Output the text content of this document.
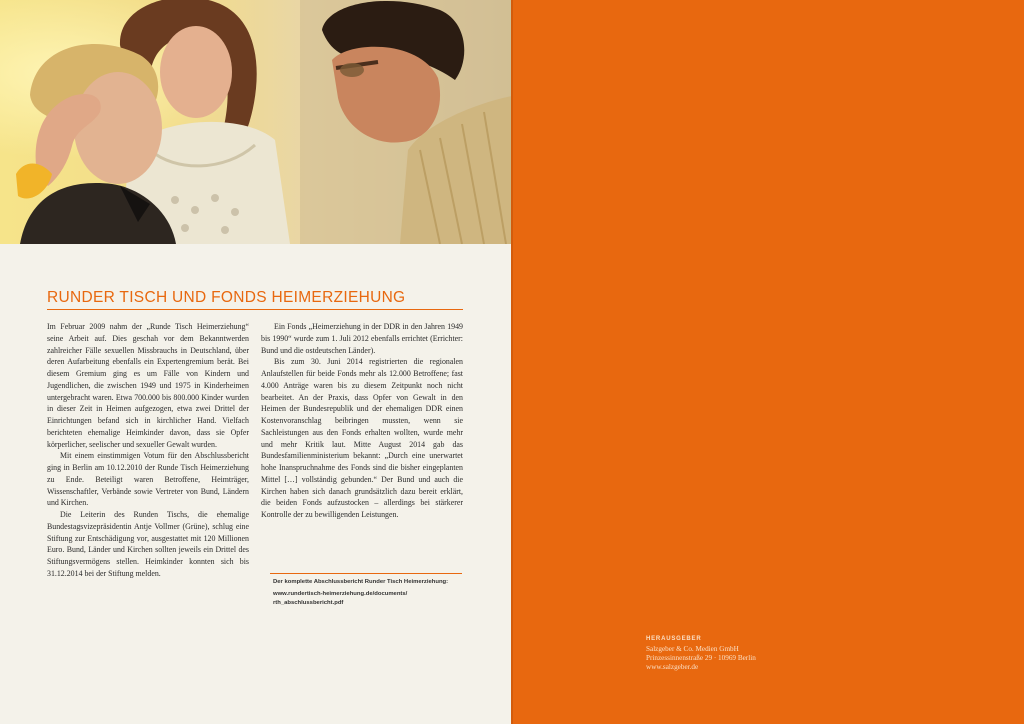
RUNDER TISCH UND FONDS HEIMERZIEHUNG

Im Februar 2009 nahm der „Runde Tisch Heimerziehung“ seine Arbeit auf. Dies geschah vor dem Bekanntwerden zahlreicher Fälle sexuellen Missbrauchs in Deutschland, über deren Aufarbeitung ebenfalls ein Expertengremium berät. Bei diesem Gremium ging es um Fälle von Kindern und Jugendlichen, die zwischen 1949 und 1975 in Kinderheimen untergebracht waren. Etwa 700.000 bis 800.000 Kinder wurden in dieser Zeit in Heimen aufgezogen, etwa zwei Drittel der Einrichtungen befand sich in kirchlicher Hand. Vielfach berichteten ehemalige Heimkinder davon, dass sie Opfer körperlicher, seelischer und sexueller Gewalt wurden.

Mit einem einstimmigen Votum für den Abschlussbericht ging in Berlin am 10.12.2010 der Runde Tisch Heimerziehung zu Ende. Beteiligt waren Betroffene, Heimträger, Wissenschaftler, Verbände sowie Vertreter von Bund, Ländern und Kirchen.

Die Leiterin des Runden Tischs, die ehemalige Bundestagsvizepräsidentin Antje Vollmer (Grüne), schlug eine Stiftung zur Entschädigung vor, ausgestattet mit 120 Millionen Euro. Bund, Länder und Kirchen sollten jeweils ein Drittel des Stiftungsvermögens stellen. Heimkinder konnten sich bis 31.12.2014 bei der Stiftung melden.

Ein Fonds „Heimerziehung in der DDR in den Jahren 1949 bis 1990“ wurde zum 1. Juli 2012 ebenfalls errichtet (Errichter: Bund und die ostdeutschen Länder).

Bis zum 30. Juni 2014 registrierten die regionalen Anlaufstellen für beide Fonds mehr als 12.000 Betroffene; fast 4.000 Anträge waren bis zu diesem Zeitpunkt noch nicht bearbeitet. An der Praxis, dass Opfer von Gewalt in den Heimen der Bundesrepublik und der ehemaligen DDR einen Kostenvoranschlag beibringen mussten, wenn sie Sachleistungen aus den Fonds erhalten wollten, wurde mehr und mehr Kritik laut. Mitte August 2014 gab das Bundesfamilienministerium bekannt: „Durch eine unerwartet hohe Inanspruchnahme des Fonds sind die bisher eingeplanten Mittel […] vollständig gebunden.“ Der Bund und auch die Kirchen haben sich danach grundsätzlich dazu bereit erklärt, die beiden Fonds aufzustocken – allerdings bei stärkerer Kontrolle der zu bewilligenden Leistungen.

Der komplette Abschlussbericht Runder Tisch Heimerziehung:
www.rundertisch-heimerziehung.de/documents/
rth_abschlussbericht.pdf
HERAUSGEBER
Salzgeber & Co. Medien GmbH
Prinzessinnenstraße 29 · 10969 Berlin
www.salzgeber.de
